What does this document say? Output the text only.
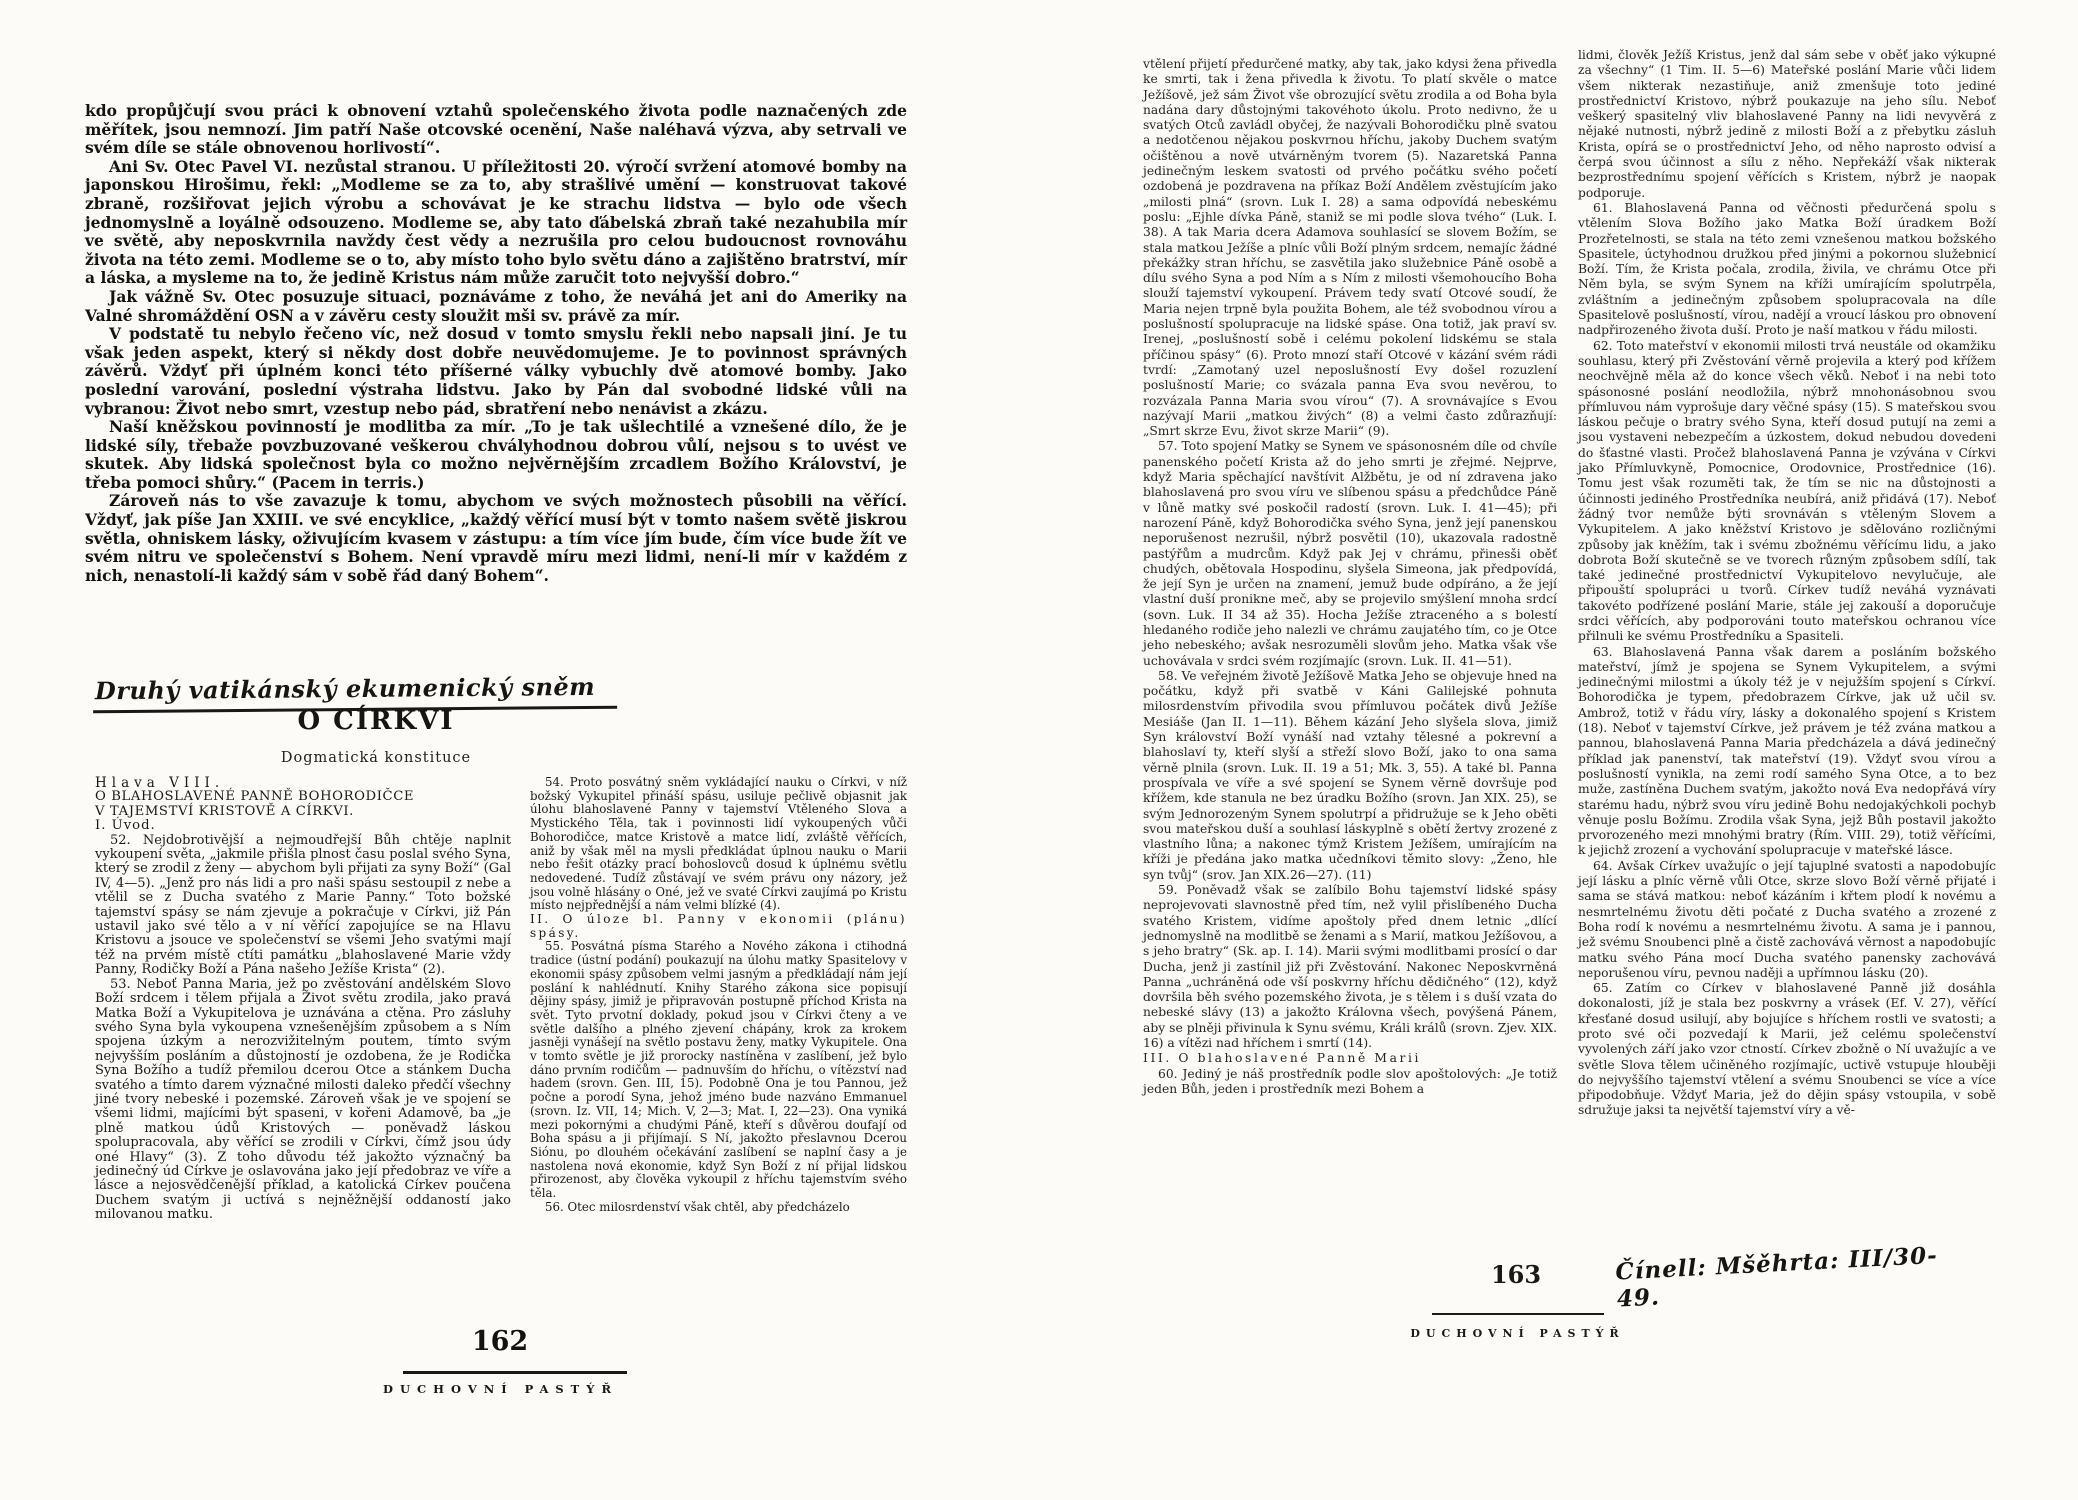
kdo propůjčují svou práci k obnovení vztahů společenského života podle naznačených zde měřítek, jsou nemnozí. Jim patří Naše otcovské ocenění, Naše naléhavá výzva, aby setrvali ve svém díle se stále obnovenou horlivostí“.

Ani Sv. Otec Pavel VI. nezůstal stranou. U příležitosti 20. výročí svržení atomové bomby na japonskou Hirošimu, řekl: „Modleme se za to, aby strašlivé umění — konstruovat takové zbraně, rozšiřovat jejich výrobu a schovávat je ke strachu lidstva — bylo ode všech jednomyslně a loyálně odsouzeno. Modleme se, aby tato ďábelská zbraň také nezahubila mír ve světě, aby neposkvrnila navždy čest vědy a nezrušila pro celou budoucnost rovnováhu života na této zemi. Modleme se o to, aby místo toho bylo světu dáno a zajištěno bratrství, mír a láska, a mysleme na to, že jedině Kristus nám může zaručit toto nejvyšší dobro.“

Jak vážně Sv. Otec posuzuje situaci, poznáváme z toho, že neváhá jet ani do Ameriky na Valné shromáždění OSN a v závěru cesty sloužit mši sv. právě za mír.

V podstatě tu nebylo řečeno víc, než dosud v tomto smyslu řekli nebo napsali jiní. Je tu však jeden aspekt, který si někdy dost dobře neuvědomujeme. Je to povinnost správných závěrů. Vždyť při úplném konci této příšerné války vybuchly dvě atomové bomby. Jako poslední varování, poslední výstraha lidstvu. Jako by Pán dal svobodné lidské vůli na vybranou: Život nebo smrt, vzestup nebo pád, sbratření nebo nenávist a zkázu.

Naší kněžskou povinností je modlitba za mír. „To je tak ušlechtilé a vznešené dílo, že je lidské síly, třebaže povzbuzované veškerou chvályhodnou dobrou vůlí, nejsou s to uvést ve skutek. Aby lidská společnost byla co možno nejvěrnějším zrcadlem Božího Království, je třeba pomoci shůry.“ (Pacem in terris.)

Zároveň nás to vše zavazuje k tomu, abychom ve svých možnostech působili na věřící. Vždyť, jak píše Jan XXIII. ve své encyklice, „každý věřící musí být v tomto našem světě jiskrou světla, ohniskem lásky, oživujícím kvasem v zástupu: a tím více jím bude, čím více bude žít ve svém nitru ve společenství s Bohem. Není vpravdě míru mezi lidmi, není-li mír v každém z nich, nenastolí-li každý sám v sobě řád daný Bohem“.

Druhý vatikánský ekumenický sněm
O CÍRKVI
Dogmatická konstituce

Hlava VIII.

O BLAHOSLAVENÉ PANNĚ BOHORODIČCE

V TAJEMSTVÍ KRISTOVĚ A CÍRKVI.

I. Úvod.

52. Nejdobrotivější a nejmoudřejší Bůh chtěje naplnit vykoupení světa, „jakmile přišla plnost času poslal svého Syna, který se zrodil z ženy — abychom byli přijati za syny Boží“ (Gal IV, 4—5). „Jenž pro nás lidi a pro naši spásu sestoupil z nebe a vtělil se z Ducha svatého z Marie Panny.“ Toto božské tajemství spásy se nám zjevuje a pokračuje v Církvi, již Pán ustavil jako své tělo a v ní věřící zapojujíce se na Hlavu Kristovu a jsouce ve společenství se všemi Jeho svatými mají též na prvém místě ctíti památku „blahoslavené Marie vždy Panny, Rodičky Boží a Pána našeho Ježíše Krista“ (2).

53. Neboť Panna Maria, jež po zvěstování andělském Slovo Boží srdcem i tělem přijala a Život světu zrodila, jako pravá Matka Boží a Vykupitelova je uznávána a ctěna. Pro zásluhy svého Syna byla vykoupena vznešenějším způsobem a s Ním spojena úzkým a nerozvižitelným poutem, tímto svým nejvyšším posláním a důstojností je ozdobena, že je Rodička Syna Božího a tudíž přemilou dcerou Otce a stánkem Ducha svatého a tímto darem význačné milosti daleko předčí všechny jiné tvory nebeské i pozemské. Zároveň však je ve spojení se všemi lidmi, majícími být spaseni, v kořeni Adamově, ba „je plně matkou údů Kristových — poněvadž láskou spolupracovala, aby věřící se zrodili v Církvi, čímž jsou údy oné Hlavy“ (3). Z toho důvodu též jakožto význačný ba jedinečný úd Církve je oslavována jako její předobraz ve víře a lásce a nejosvědčenější příklad, a katolická Církev poučena Duchem svatým ji uctívá s nejněžnější oddaností jako milovanou matku.

54. Proto posvátný sněm vykládající nauku o Církvi, v níž božský Vykupitel přináší spásu, usiluje pečlivě objasnit jak úlohu blahoslavené Panny v tajemství Vtěleného Slova a Mystického Těla, tak i povinnosti lidí vykoupených vůči Bohorodičce, matce Kristově a matce lidí, zvláště věřících, aniž by však měl na mysli předkládat úplnou nauku o Marii nebo řešit otázky prací bohoslovců dosud k úplnému světlu nedovedené. Tudíž zůstávají ve svém právu ony názory, jež jsou volně hlásány o Oné, jež ve svaté Církvi zaujímá po Kristu místo nejpřednější a nám velmi blízké (4).

II. O úloze bl. Panny v ekonomii (plánu) spásy.

55. Posvátná písma Starého a Nového zákona i ctihodná tradice (ústní podání) poukazují na úlohu matky Spasitelovy v ekonomii spásy způsobem velmi jasným a předkládají nám její poslání k nahlédnutí. Knihy Starého zákona sice popisují dějiny spásy, jimiž je připravován postupně příchod Krista na svět. Tyto prvotní doklady, pokud jsou v Církvi čteny a ve světle dalšího a plného zjevení chápány, krok za krokem jasněji vynášejí na světlo postavu ženy, matky Vykupitele. Ona v tomto světle je již prorocky nastíněna v zaslíbení, jež bylo dáno prvním rodičům — padnuvším do hříchu, o vítězství nad hadem (srovn. Gen. III, 15). Podobně Ona je tou Pannou, jež počne a porodí Syna, jehož jméno bude nazváno Emmanuel (srovn. Iz. VII, 14; Mich. V, 2—3; Mat. I, 22—23). Ona vyniká mezi pokornými a chudými Páně, kteří s důvěrou doufají od Boha spásu a ji přijímají. S Ní, jakožto přeslavnou Dcerou Siónu, po dlouhém očekávání zaslíbení se naplní časy a je nastolena nová ekonomie, když Syn Boží z ní přijal lidskou přirozenost, aby člověka vykoupil z hříchu tajemstvím svého těla.

56. Otec milosrdenství však chtěl, aby předcházelo

162
DUCHOVNÍ PASTÝŘ

vtělení přijetí předurčené matky, aby tak, jako kdysi žena přivedla ke smrti, tak i žena přivedla k životu. To platí skvěle o matce Ježíšově, jež sám Život vše obrozující světu zrodila a od Boha byla nadána dary důstojnými takovéhoto úkolu. Proto nedivno, že u svatých Otců zavládl obyčej, že nazývali Bohorodičku plně svatou a nedotčenou nějakou poskvrnou hříchu, jakoby Duchem svatým očištěnou a nově utvárněným tvorem (5). Nazaretská Panna jedinečným leskem svatosti od prvého počátku svého početí ozdobená je pozdravena na příkaz Boží Andělem zvěstujícím jako „milosti plná“ (srovn. Luk I. 28) a sama odpovídá nebeskému poslu: „Ejhle dívka Páně, staniž se mi podle slova tvého“ (Luk. I. 38). A tak Maria dcera Adamova souhlasící se slovem Božím, se stala matkou Ježíše a plníc vůli Boží plným srdcem, nemajíc žádné překážky stran hříchu, se zasvětila jako služebnice Páně osobě a dílu svého Syna a pod Ním a s Ním z milosti všemohoucího Boha slouží tajemství vykoupení. Právem tedy svatí Otcové soudí, že Maria nejen trpně byla použita Bohem, ale též svobodnou vírou a poslušností spolupracuje na lidské spáse. Ona totiž, jak praví sv. Irenej, „poslušností sobě i celému pokolení lidskému se stala příčinou spásy“ (6). Proto mnozí staří Otcové v kázání svém rádi tvrdí: „Zamotaný uzel neposlušností Evy došel rozuzlení poslušností Marie; co svázala panna Eva svou nevěrou, to rozvázala Panna Maria svou vírou“ (7). A srovnávajíce s Evou nazývají Marii „matkou živých“ (8) a velmi často zdůrazňují: „Smrt skrze Evu, život skrze Marii“ (9).

57. Toto spojení Matky se Synem ve spásonosném díle od chvíle panenského početí Krista až do jeho smrti je zřejmé. Nejprve, když Maria spěchající navštívit Alžbětu, je od ní zdravena jako blahoslavená pro svou víru ve slíbenou spásu a předchůdce Páně v lůně matky své poskočil radostí (srovn. Luk. I. 41—45); při narození Páně, když Bohorodička svého Syna, jenž její panenskou neporušenost nezrušil, nýbrž posvětil (10), ukazovala radostně pastýřům a mudrcům. Když pak Jej v chrámu, přinesši oběť chudých, obětovala Hospodinu, slyšela Simeona, jak předpovídá, že její Syn je určen na znamení, jemuž bude odpíráno, a že její vlastní duší pronikne meč, aby se projevilo smýšlení mnoha srdcí (sovn. Luk. II 34 až 35). Hocha Ježíše ztraceného a s bolestí hledaného rodiče jeho nalezli ve chrámu zaujatého tím, co je Otce jeho nebeského; avšak nesrozuměli slovům jeho. Matka však vše uchovávala v srdci svém rozjímajíc (srovn. Luk. II. 41—51).

58. Ve veřejném životě Ježíšově Matka Jeho se objevuje hned na počátku, když při svatbě v Káni Galilejské pohnuta milosrdenstvím přivodila svou přímluvou počátek divů Ježíše Mesiáše (Jan II. 1—11). Během kázání Jeho slyšela slova, jimiž Syn království Boží vynáší nad vztahy tělesné a pokrevní a blahoslaví ty, kteří slyší a střeží slovo Boží, jako to ona sama věrně plnila (srovn. Luk. II. 19 a 51; Mk. 3, 55). A také bl. Panna prospívala ve víře a své spojení se Synem věrně dovršuje pod křížem, kde stanula ne bez úradku Božího (srovn. Jan XIX. 25), se svým Jednorozeným Synem spolutrpí a přidružuje se k Jeho oběti svou mateřskou duší a souhlasí láskyplně s obětí žertvy zrozené z vlastního lůna; a nakonec týmž Kristem Ježíšem, umírajícím na kříži je předána jako matka učedníkovi těmito slovy: „Ženo, hle syn tvůj“ (srov. Jan XIX.26—27). (11)

59. Poněvadž však se zalíbilo Bohu tajemství lidské spásy neprojevovati slavnostně před tím, než vylil přislíbeného Ducha svatého Kristem, vidíme apoštoly před dnem letnic „dlící jednomyslně na modlitbě se ženami a s Marií, matkou Ježíšovou, a s jeho bratry“ (Sk. ap. I. 14). Marii svými modlitbami prosící o dar Ducha, jenž ji zastínil již při Zvěstování. Nakonec Neposkvrněná Panna „uchráněná ode vší poskvrny hříchu dědičného“ (12), když dovršila běh svého pozemského života, je s tělem i s duší vzata do nebeské slávy (13) a jakožto Královna všech, povýšená Pánem, aby se plněji přivinula k Synu svému, Králi králů (srovn. Zjev. XIX. 16) a vítězi nad hříchem i smrtí (14).

III. O blahoslavené Panně Marii

60. Jediný je náš prostředník podle slov apoštolových: „Je totiž jeden Bůh, jeden i prostředník mezi Bohem a

lidmi, člověk Ježíš Kristus, jenž dal sám sebe v oběť jako výkupné za všechny“ (1 Tim. II. 5—6) Mateřské poslání Marie vůči lidem všem nikterak nezastiňuje, aniž zmenšuje toto jediné prostřednictví Kristovo, nýbrž poukazuje na jeho sílu. Neboť veškerý spasitelný vliv blahoslavené Panny na lidi nevyvěrá z nějaké nutnosti, nýbrž jedině z milosti Boží a z přebytku zásluh Krista, opírá se o prostřednictví Jeho, od něho naprosto odvisí a čerpá svou účinnost a sílu z něho. Nepřekáží však nikterak bezprostřednímu spojení věřících s Kristem, nýbrž je naopak podporuje.

61. Blahoslavená Panna od věčnosti předurčená spolu s vtělením Slova Božího jako Matka Boží úradkem Boží Prozřetelnosti, se stala na této zemi vznešenou matkou božského Spasitele, úctyhodnou družkou před jinými a pokornou služebnicí Boží. Tím, že Krista počala, zrodila, živila, ve chrámu Otce při Něm byla, se svým Synem na kříži umírajícím spolutrpěla, zvláštním a jedinečným způsobem spolupracovala na díle Spasitelově poslušností, vírou, nadějí a vroucí láskou pro obnovení nadpřirozeného života duší. Proto je naší matkou v řádu milosti.

62. Toto mateřství v ekonomii milosti trvá neustále od okamžiku souhlasu, který při Zvěstování věrně projevila a který pod křížem neochvějně měla až do konce všech věků. Neboť i na nebi toto spásonosné poslání neodložila, nýbrž mnohonásobnou svou přímluvou nám vyprošuje dary věčné spásy (15). S mateřskou svou láskou pečuje o bratry svého Syna, kteří dosud putují na zemi a jsou vystaveni nebezpečím a úzkostem, dokud nebudou dovedeni do šťastné vlasti. Pročež blahoslavená Panna je vzývána v Církvi jako Přímluvkyně, Pomocnice, Orodovnice, Prostřednice (16). Tomu jest však rozuměti tak, že tím se nic na důstojnosti a účinnosti jediného Prostředníka neubírá, aniž přidává (17). Neboť žádný tvor nemůže býti srovnáván s vtěleným Slovem a Vykupitelem. A jako kněžství Kristovo je sdělováno rozličnými způsoby jak kněžím, tak i svému zbožnému věřícímu lidu, a jako dobrota Boží skutečně se ve tvorech různým způsobem sdílí, tak také jedinečné prostřednictví Vykupitelovo nevylučuje, ale připouští spolupráci u tvorů. Církev tudíž neváhá vyznávati takovéto podřízené poslání Marie, stále jej zakouší a doporučuje srdci věřících, aby podporováni touto mateřskou ochranou více přilnuli ke svému Prostředníku a Spasiteli.

63. Blahoslavená Panna však darem a posláním božského mateřství, jímž je spojena se Synem Vykupitelem, a svými jedinečnými milostmi a úkoly též je v nejužším spojení s Církví. Bohorodička je typem, předobrazem Církve, jak už učil sv. Ambrož, totiž v řádu víry, lásky a dokonalého spojení s Kristem (18). Neboť v tajemství Církve, jež právem je též zvána matkou a pannou, blahoslavená Panna Maria předcházela a dává jedinečný příklad jak panenství, tak mateřství (19). Vždyť svou vírou a poslušností vynikla, na zemi rodí samého Syna Otce, a to bez muže, zastíněna Duchem svatým, jakožto nová Eva nedopřává víry starému hadu, nýbrž svou víru jedině Bohu nedojakýchkoli pochyb věnuje poslu Božímu. Zrodila však Syna, jejž Bůh postavil jakožto prvorozeného mezi mnohými bratry (Řím. VIII. 29), totiž věřícími, k jejichž zrození a vychování spolupracuje v mateřské lásce.

64. Avšak Církev uvažujíc o její tajuplné svatosti a napodobujíc její lásku a plníc věrně vůli Otce, skrze slovo Boží věrně přijaté i sama se stává matkou: neboť kázáním i křtem plodí k novému a nesmrtelnému životu děti počaté z Ducha svatého a zrozené z Boha rodí k novému a nesmrtelnému životu. A sama je i pannou, jež svému Snoubenci plně a čistě zachovává věrnost a napodobujíc matku svého Pána mocí Ducha svatého panensky zachovává neporušenou víru, pevnou naději a upřímnou lásku (20).

65. Zatím co Církev v blahoslavené Panně již dosáhla dokonalosti, jíž je stala bez poskvrny a vrásek (Ef. V. 27), věřící křesťané dosud usilují, aby bojujíce s hříchem rostli ve svatosti; a proto své oči pozvedají k Marii, jež celému společenství vyvolených září jako vzor ctností. Církev zbožně o Ní uvažujíc a ve světle Slova tělem učiněného rozjímajíc, uctivě vstupuje hlouběji do nejvyššího tajemství vtělení a svému Snoubenci se více a více připodobňuje. Vždyť Maria, jež do dějin spásy vstoupila, v sobě sdružuje jaksi ta největší tajemství víry a vě-

163
DUCHOVNÍ PASTÝŘ
Čínell: Mšěhrta: III/30-49.
